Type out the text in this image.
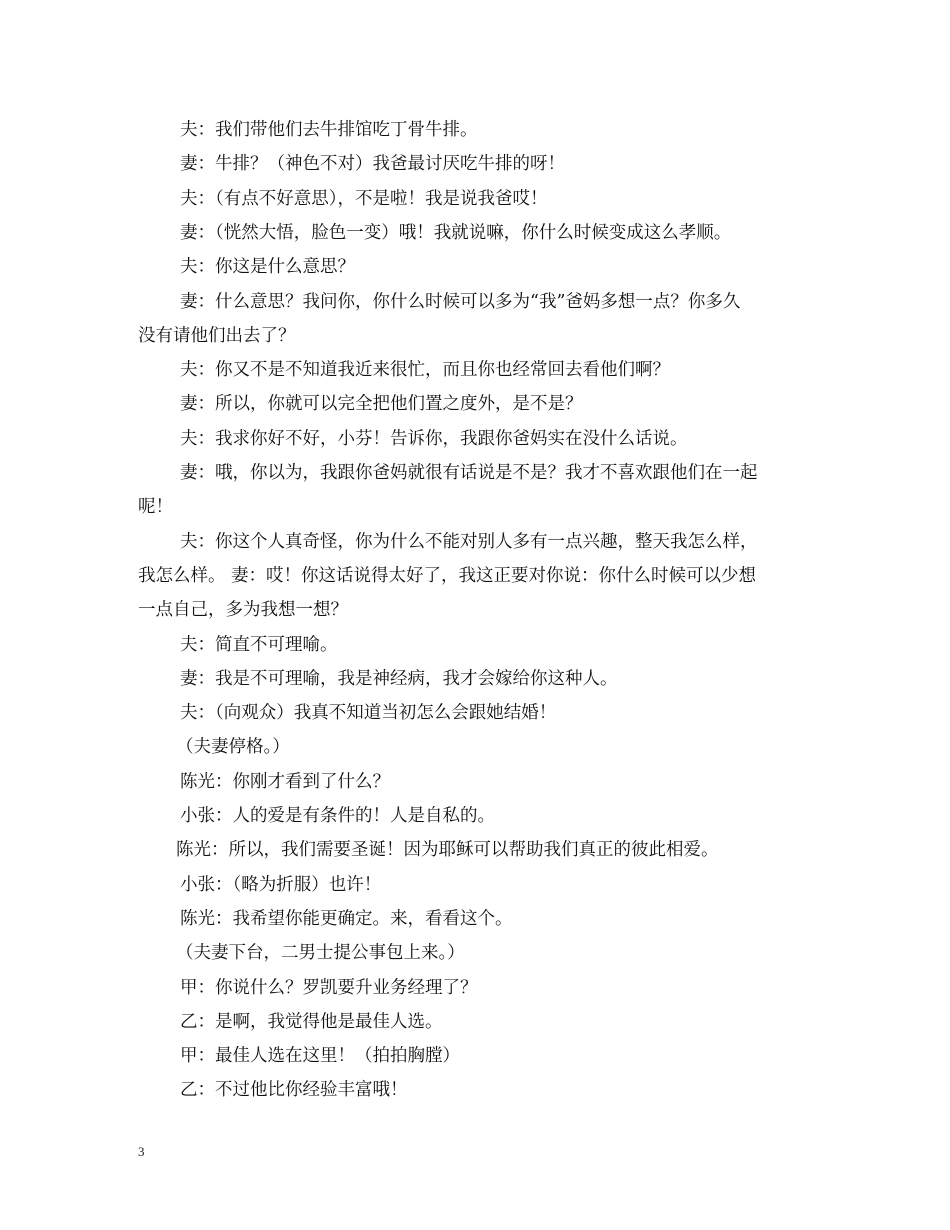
夫：我们带他们去牛排馆吃丁骨牛排。
妻：牛排？（神色不对）我爸最讨厌吃牛排的呀！
夫：（有点不好意思），不是啦！我是说我爸哎！
妻：（恍然大悟，脸色一变）哦！我就说嘛，你什么时候变成这么孝顺。
夫：你这是什么意思？
妻：什么意思？我问你，你什么时候可以多为“我”爸妈多想一点？你多久
没有请他们出去了？
夫：你又不是不知道我近来很忙，而且你也经常回去看他们啊？
妻：所以，你就可以完全把他们置之度外，是不是？
夫：我求你好不好，小芬！告诉你，我跟你爸妈实在没什么话说。
妻：哦，你以为，我跟你爸妈就很有话说是不是？我才不喜欢跟他们在一起
呢！
夫：你这个人真奇怪，你为什么不能对别人多有一点兴趣，整天我怎么样，
我怎么样。 妻：哎！你这话说得太好了，我这正要对你说：你什么时候可以少想
一点自己，多为我想一想？
夫：简直不可理喻。
妻：我是不可理喻，我是神经病，我才会嫁给你这种人。
夫：（向观众）我真不知道当初怎么会跟她结婚！
（夫妻停格。）
陈光：你刚才看到了什么？
小张：人的爱是有条件的！人是自私的。
陈光：所以，我们需要圣诞！因为耶稣可以帮助我们真正的彼此相爱。
小张：（略为折服）也许！
陈光：我希望你能更确定。来，看看这个。
（夫妻下台，二男士提公事包上来。）
甲：你说什么？罗凯要升业务经理了？
乙：是啊，我觉得他是最佳人选。
甲：最佳人选在这里！（拍拍胸膛）
乙：不过他比你经验丰富哦！
3
